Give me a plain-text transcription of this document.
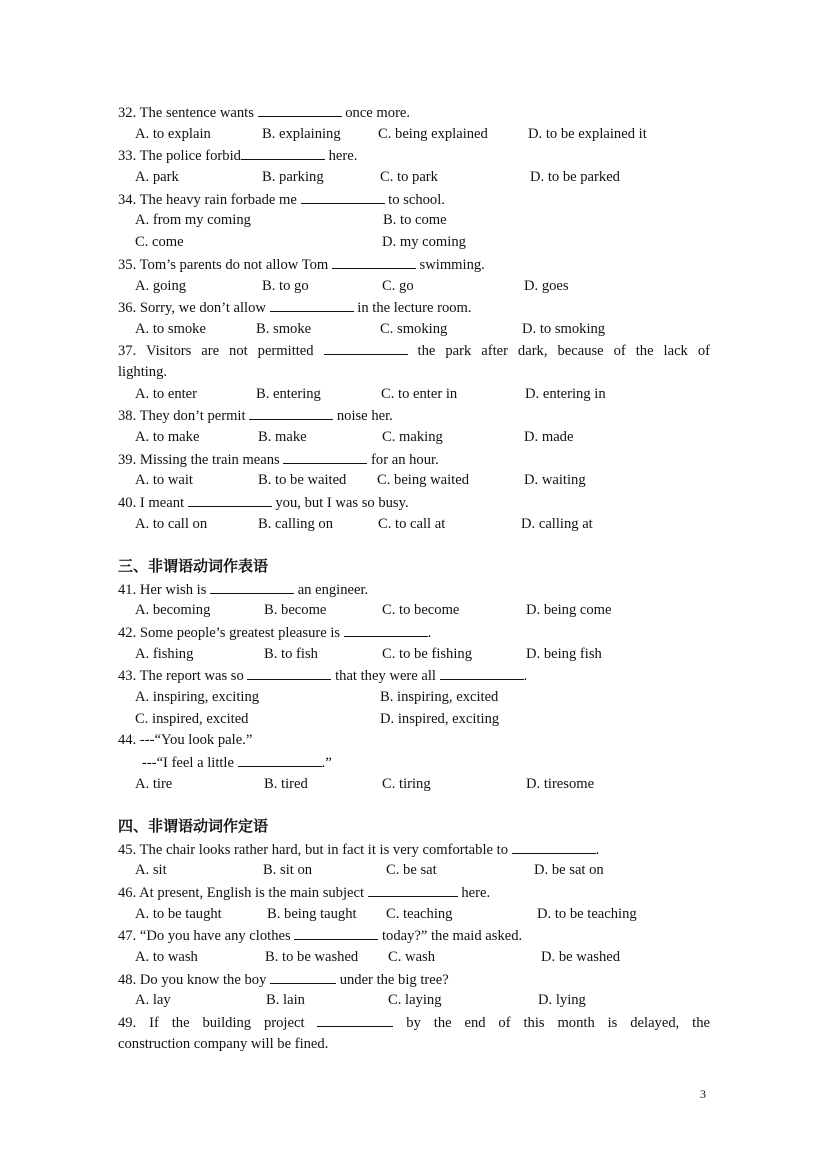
32. The sentence wants	once more.
A. to explain	B. explaining	C. being explained	D. to be explained it
33. The police forbid	here.
A. park	B. parking	C. to park	D. to be parked
34. The heavy rain forbade me	to school.
A. from my coming	B. to come
C. come	D. my coming
35. Tom’s parents do not allow Tom	swimming.
A. going	B. to go	C. go	D. goes
36. Sorry, we don’t allow	in the lecture room.
A. to smoke	B. smoke	C. smoking	D. to smoking
37. Visitors are not permitted	the park after dark, because of the lack of
lighting.
A. to enter	B. entering	C. to enter in	D. entering in
38. They don’t permit	noise her.
A. to make	B. make	C. making	D. made
39. Missing the train means	for an hour.
A. to wait	B. to be waited C. being waited	D. waiting
40. I meant	you, but I was so busy.
A. to call on	B. calling on	C. to call at	D. calling at
三、非谓语动词作表语
41. Her wish is	an engineer.
A. becoming	B. become	C. to become	D. being come
42. Some people’s greatest pleasure is	.
A. fishing	B. to fish	C. to be fishing	D. being fish
43. The report was so	that they were all	.
A. inspiring, exciting	B. inspiring, excited
C. inspired, excited	D. inspired, exciting
44. ---“You look pale.”
---“I feel a little	.”
A. tire	B. tired	C. tiring	D. tiresome
四、非谓语动词作定语
45. The chair looks rather hard, but in fact it is very comfortable to	.
A. sit	B. sit on	C. be sat	D. be sat on
46. At present, English is the main subject	here.
A. to be taught	B. being taught C. teaching	D. to be teaching
47. “Do you have any clothes	today?” the maid asked.
A. to wash	B. to be washed C. wash	D. be washed
48. Do you know the boy	under the big tree?
A. lay	B. lain	C. laying	D. lying
49. If the building project	by the end of this month is delayed, the
construction company will be fined.
3
